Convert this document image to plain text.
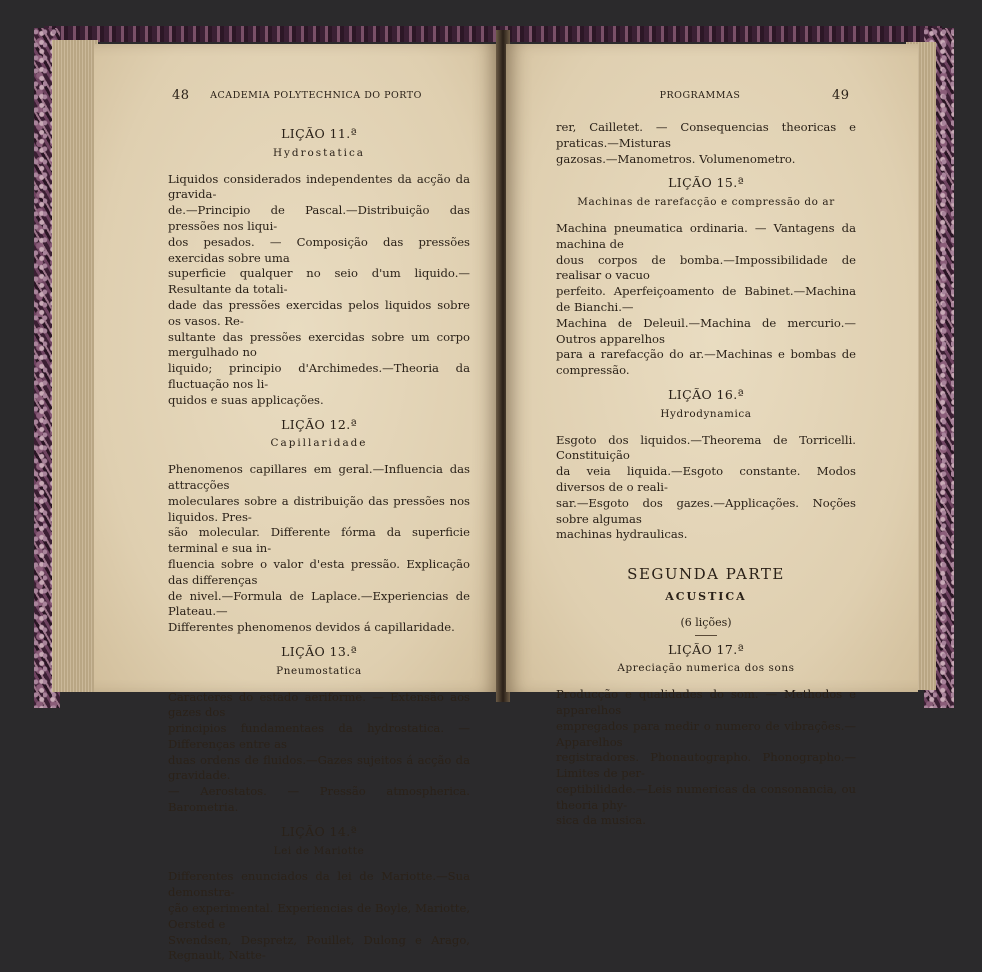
48	ACADEMIA POLYTECHNICA DO PORTO
LIÇÃO 11.ª
Hydrostatica

Liquidos considerados independentes da acção da gravida-
de.—Principio de Pascal.—Distribuição das pressões nos liqui-
dos pesados. — Composição das pressões exercidas sobre uma
superficie qualquer no seio d'um liquido.—Resultante da totali-
dade das pressões exercidas pelos liquidos sobre os vasos. Re-
sultante das pressões exercidas sobre um corpo mergulhado no
liquido; principio d'Archimedes.—Theoria da fluctuação nos li-
quidos e suas applicações.

LIÇÃO 12.ª
Capillaridade

Phenomenos capillares em geral.—Influencia das attracções
moleculares sobre a distribuição das pressões nos liquidos. Pres-
são molecular. Differente fórma da superficie terminal e sua in-
fluencia sobre o valor d'esta pressão. Explicação das differenças
de nivel.—Formula de Laplace.—Experiencias de Plateau.—
Differentes phenomenos devidos á capillaridade.

LIÇÃO 13.ª
Pneumostatica

Caracteres do estado aeriforme. — Extensão aos gazes dos
principios fundamentaes da hydrostatica. — Differenças entre as
duas ordens de fluidos.—Gazes sujeitos á acção da gravidade.
— Aerostatos. — Pressão atmospherica. Barometria.

LIÇÃO 14.ª
Lei de Mariotte

Differentes enunciados da lei de Mariotte.—Sua demonstra-
ção experimental. Experiencias de Boyle, Mariotte, Oersted e
Swendsen, Despretz, Pouillet, Dulong e Arago, Regnault, Natte-

PROGRAMMAS	49

rer, Cailletet. — Consequencias theoricas e praticas.—Misturas
gazosas.—Manometros. Volumenometro.

LIÇÃO 15.ª
Machinas de rarefacção e compressão do ar

Machina pneumatica ordinaria. — Vantagens da machina de
dous corpos de bomba.—Impossibilidade de realisar o vacuo
perfeito. Aperfeiçoamento de Babinet.—Machina de Bianchi.—
Machina de Deleuil.—Machina de mercurio.—Outros apparelhos
para a rarefacção do ar.—Machinas e bombas de compressão.

LIÇÃO 16.ª
Hydrodynamica

Esgoto dos liquidos.—Theorema de Torricelli. Constituição
da veia liquida.—Esgoto constante. Modos diversos de o reali-
sar.—Esgoto dos gazes.—Applicações. Noções sobre algumas
machinas hydraulicas.

SEGUNDA PARTE
ACUSTICA
(6 lições)
LIÇÃO 17.ª
Apreciação numerica dos sons

Producção e qualidades do som. — Methodos e apparelhos
empregados para medir o numero de vibrações.—Apparelhos
registradores. Phonautographo. Phonographo.—Limites de per-
ceptibilidade.—Leis numericas da consonancia, ou theoria phy-
sica da musica.
